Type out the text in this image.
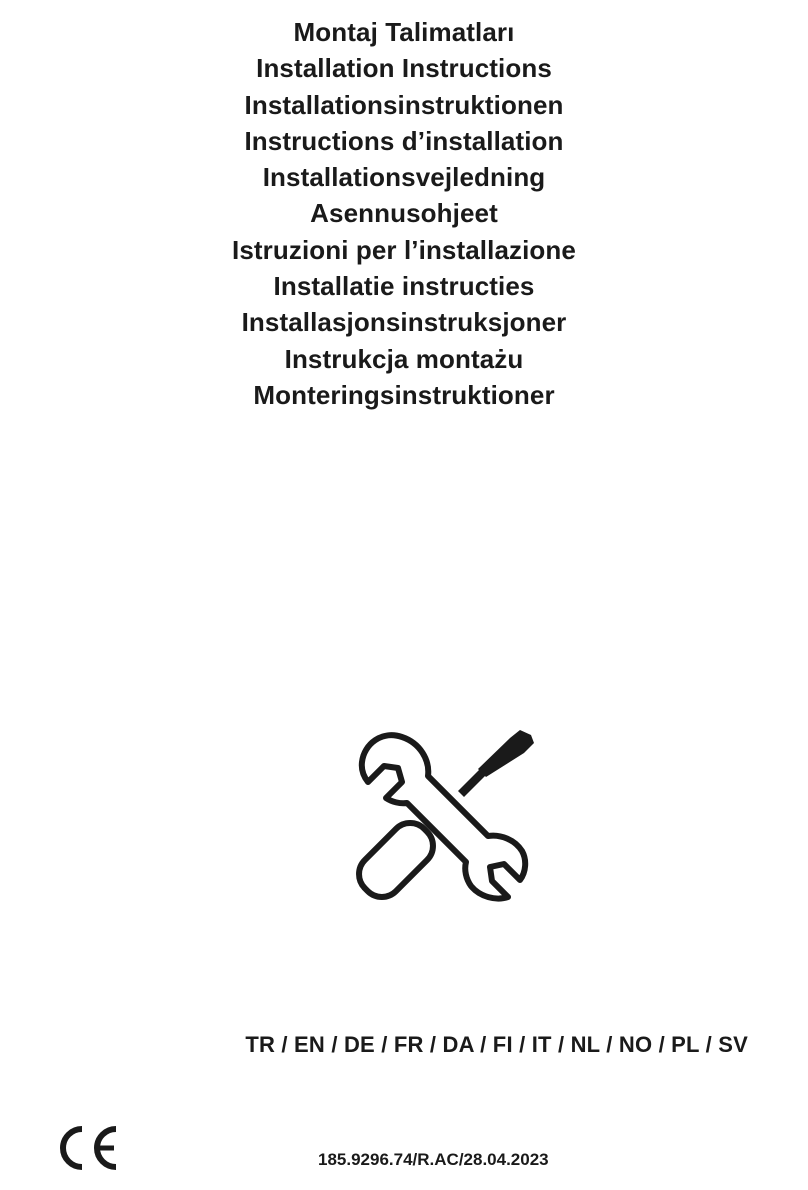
Montaj Talimatları
Installation Instructions
Installationsinstruktionen
Instructions d’installation
Installationsvejledning
Asennusohjeet
Istruzioni per l’installazione
Installatie instructies
Installasjonsinstruksjoner
Instrukcja montażu
Monteringsinstruktioner
TR / EN / DE / FR / DA / FI / IT / NL / NO / PL / SV
185.9296.74/R.AC/28.04.2023
